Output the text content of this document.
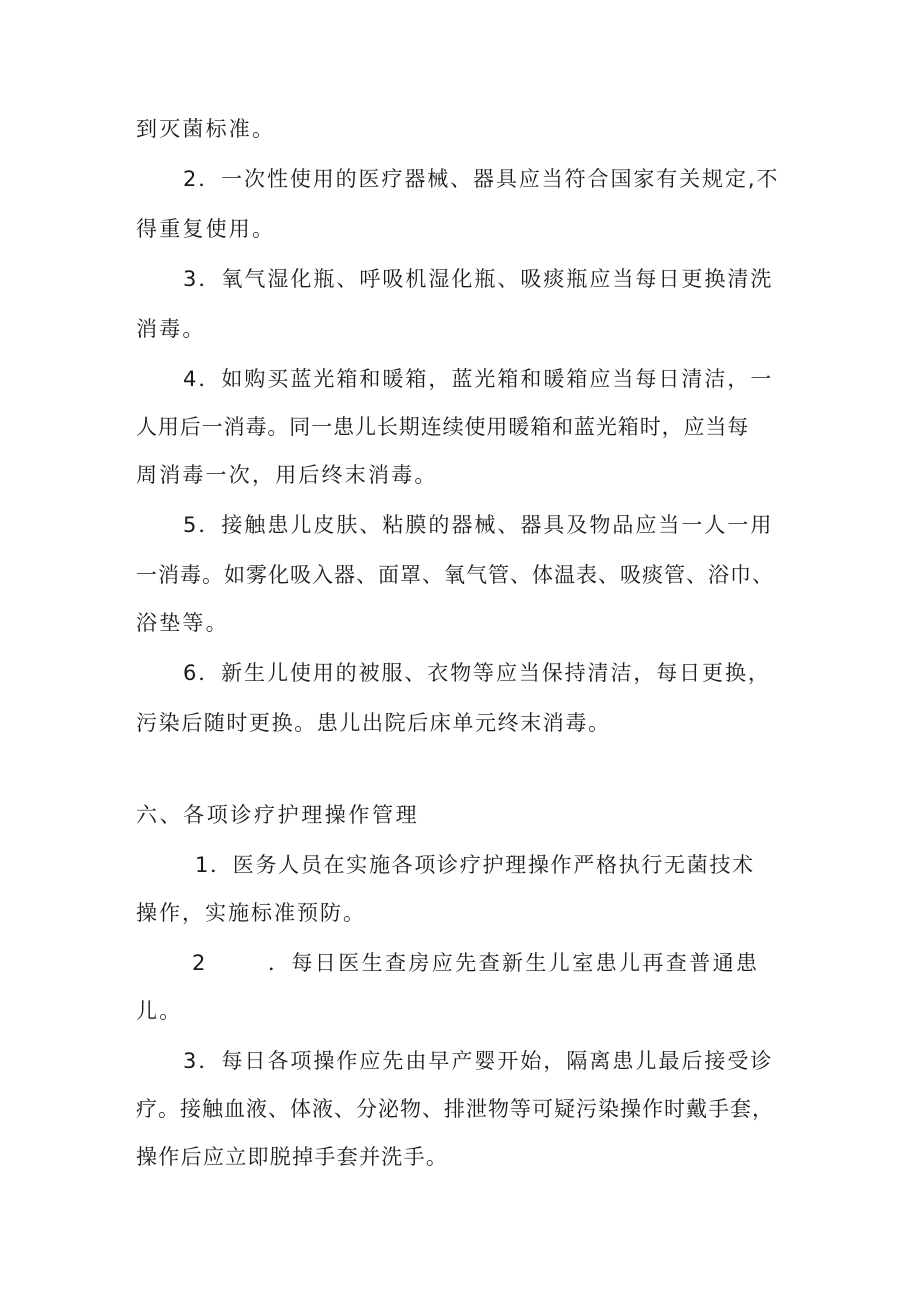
到灭菌标准。
2．一次性使用的医疗器械、器具应当符合国家有关规定,不
得重复使用。
3．氧气湿化瓶、呼吸机湿化瓶、吸痰瓶应当每日更换清洗
消毒。
4．如购买蓝光箱和暖箱，蓝光箱和暖箱应当每日清洁，一
人用后一消毒。同一患儿长期连续使用暖箱和蓝光箱时，应当每
周消毒一次，用后终末消毒。
5．接触患儿皮肤、粘膜的器械、器具及物品应当一人一用
一消毒。如雾化吸入器、面罩、氧气管、体温表、吸痰管、浴巾、
浴垫等。
6．新生儿使用的被服、衣物等应当保持清洁，每日更换，
污染后随时更换。患儿出院后床单元终末消毒。
六、各项诊疗护理操作管理
1．医务人员在实施各项诊疗护理操作严格执行无菌技术
操作，实施标准预防。
2	．每日医生查房应先查新生儿室患儿再查普通患
儿。
3．每日各项操作应先由早产婴开始，隔离患儿最后接受诊
疗。接触血液、体液、分泌物、排泄物等可疑污染操作时戴手套，
操作后应立即脱掉手套并洗手。
